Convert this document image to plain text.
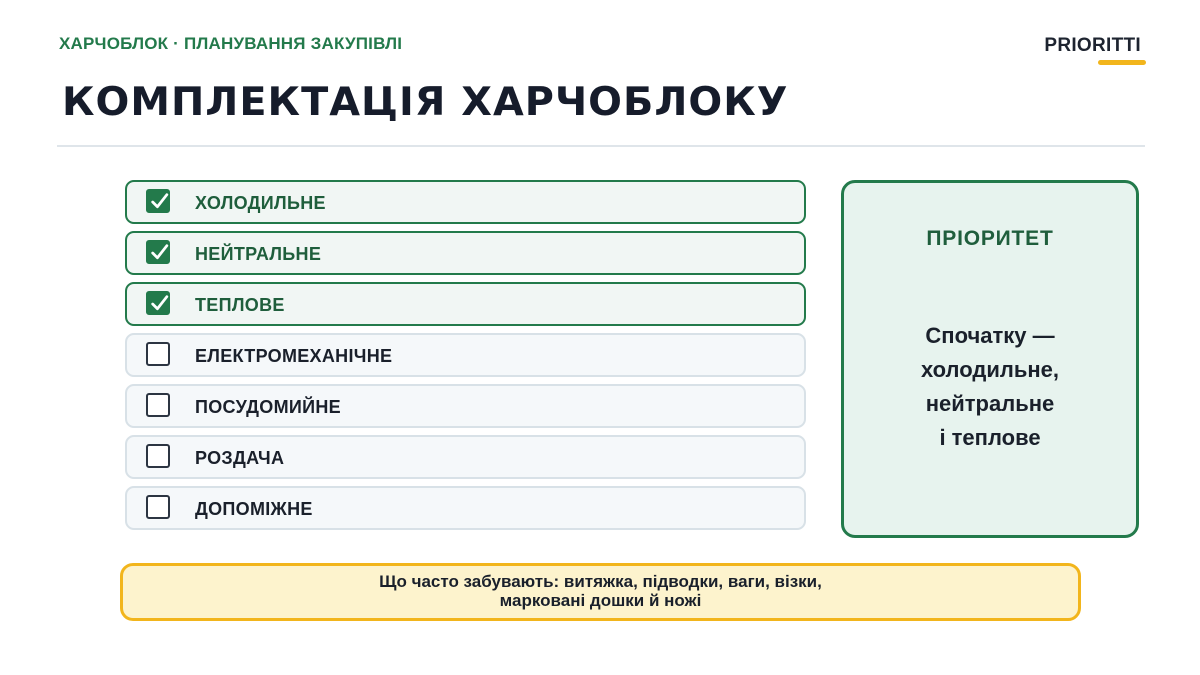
ХАРЧОБЛОК · ПЛАНУВАННЯ ЗАКУПІВЛІ	PRIORITTI
КОМПЛЕКТАЦІЯ ХАРЧОБЛОКУ
ХОЛОДИЛЬНЕ
НЕЙТРАЛЬНЕ
ТЕПЛОВЕ
ЕЛЕКТРОМЕХАНІЧНЕ
ПОСУДОМИЙНЕ
РОЗДАЧА
ДОПОМІЖНЕ
ПРІОРИТЕТ
Спочатку —
холодильне,
нейтральне
і теплове
Що часто забувають: витяжка, підводки, ваги, візки,
марковані дошки й ножі
